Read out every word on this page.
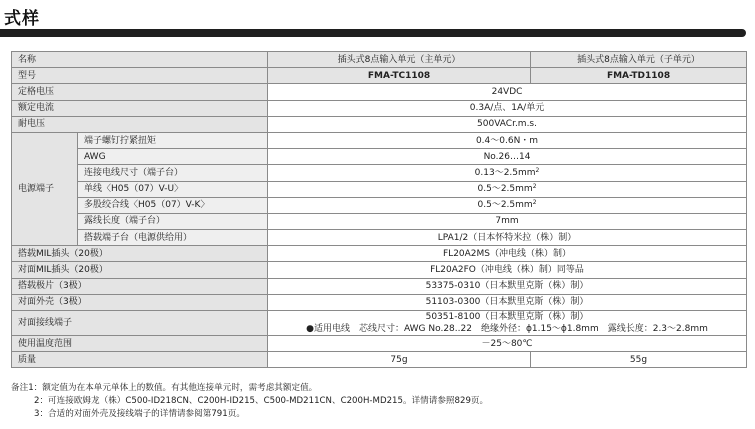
式样
名称		插头式8点输入单元（主单元）	插头式8点输入单元（子单元）
型号		FMA-TC1108	FMA-TD1108
定格电压		24VDC	
额定电流		0.3A/点、1A/单元	
耐电压		500VACr.m.s.	
电源端子	端子螺钉拧紧扭矩	0.4～0.6N・m	
	AWG	No.26…14	
	连接电线尺寸（端子台）	$0.13\sim 2.5mm^2$
	单线〈H05（07）V-U〉	$0.5\sim 2.5mm^2$
	多股绞合线〈H05（07）V-K〉	$0.5\sim 2.5mm^2$
	露线长度（端子台）	7mm	
	搭载端子台（电源供给用）	LPA1/2（日本怀特米拉（株）制）	
搭载MIL插头（20极）		FL20A2MS（冲电线（株）制）	
对面MIL插头（20极）		FL20A2FO（冲电线（株）制）同等品	
搭载极片（3极）		53375-0310（日本默里克斯（株）制）	
对面外壳（3极）		51103-0300（日本默里克斯（株）制）	
对面接线端子		50351-8100（日本默里克斯（株）制）
●适用电线　芯线尺寸：AWG No.28..22　绝缘外径：ϕ1.15～ϕ1.8mm　露线长度：2.3～2.8mm	

使用温度范围		－25～80℃	
质量		75g	55g
备注1：额定值为在本单元单体上的数值。有其他连接单元时，需考虑其额定值。
2：可连接欧姆龙（株）C500-ID218CN、C200H-ID215、C500-MD211CN、C200H-MD215。详情请参照829页。
3：合适的对面外壳及接线端子的详情请参阅第791页。
